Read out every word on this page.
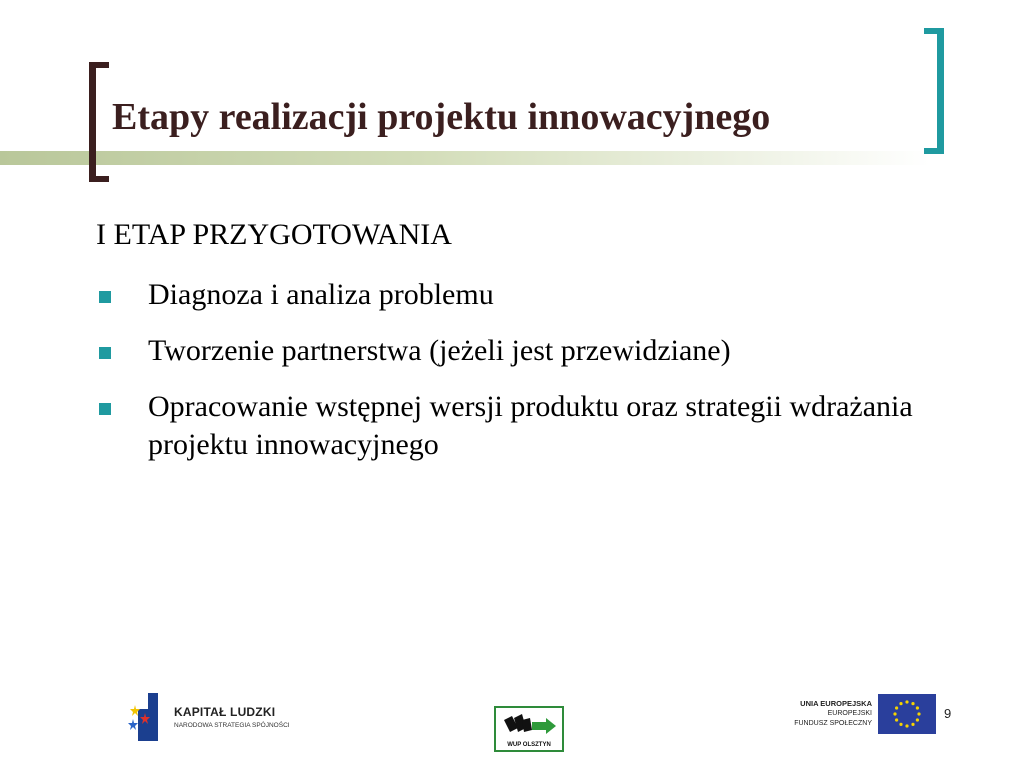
Etapy realizacji projektu innowacyjnego
I ETAP PRZYGOTOWANIA
Diagnoza i analiza problemu
Tworzenie partnerstwa (jeżeli jest przewidziane)
Opracowanie wstępnej wersji produktu oraz strategii wdrażania projektu innowacyjnego
KAPITAŁ LUDZKI
NARODOWA STRATEGIA SPÓJNOŚCI
WUP OLSZTYN
UNIA EUROPEJSKA
EUROPEJSKI
FUNDUSZ SPOŁECZNY
9
